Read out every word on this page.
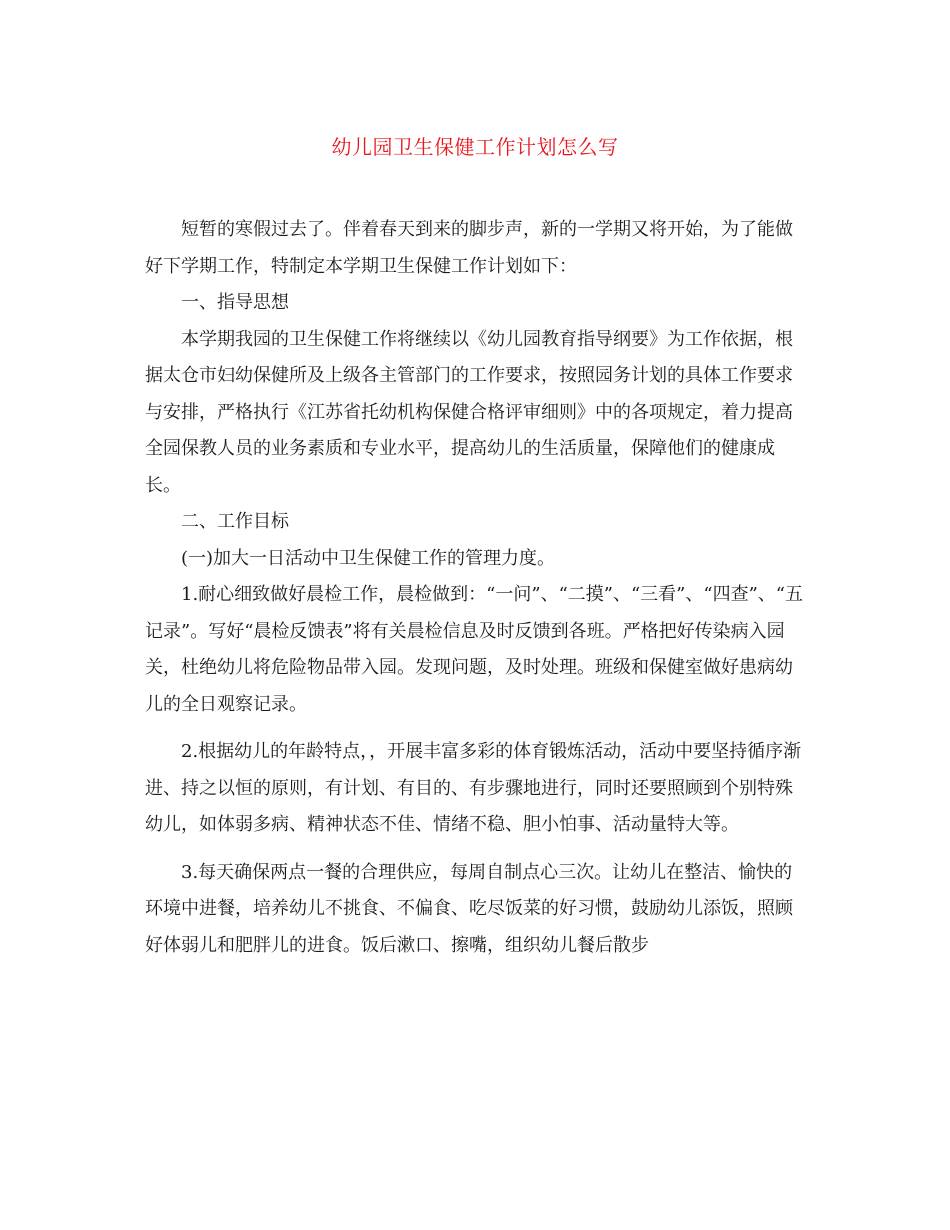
幼儿园卫生保健工作计划怎么写

短暂的寒假过去了。伴着春天到来的脚步声，新的一学期又将开始，为了能做好下学期工作，特制定本学期卫生保健工作计划如下：

一、指导思想

本学期我园的卫生保健工作将继续以《幼儿园教育指导纲要》为工作依据，根据太仓市妇幼保健所及上级各主管部门的工作要求，按照园务计划的具体工作要求与安排，严格执行《江苏省托幼机构保健合格评审细则》中的各项规定，着力提高全园保教人员的业务素质和专业水平，提高幼儿的生活质量，保障他们的健康成长。

二、工作目标

(一)加大一日活动中卫生保健工作的管理力度。

1.耐心细致做好晨检工作，晨检做到：“一问”、“二摸”、“三看”、“四查”、“五记录”。写好“晨检反馈表”将有关晨检信息及时反馈到各班。严格把好传染病入园关，杜绝幼儿将危险物品带入园。发现问题，及时处理。班级和保健室做好患病幼儿的全日观察记录。

2.根据幼儿的年龄特点，，开展丰富多彩的体育锻炼活动，活动中要坚持循序渐进、持之以恒的原则，有计划、有目的、有步骤地进行，同时还要照顾到个别特殊幼儿，如体弱多病、精神状态不佳、情绪不稳、胆小怕事、活动量特大等。

3.每天确保两点一餐的合理供应，每周自制点心三次。让幼儿在整洁、愉快的环境中进餐，培养幼儿不挑食、不偏食、吃尽饭菜的好习惯，鼓励幼儿添饭，照顾好体弱儿和肥胖儿的进食。饭后漱口、擦嘴，组织幼儿餐后散步
